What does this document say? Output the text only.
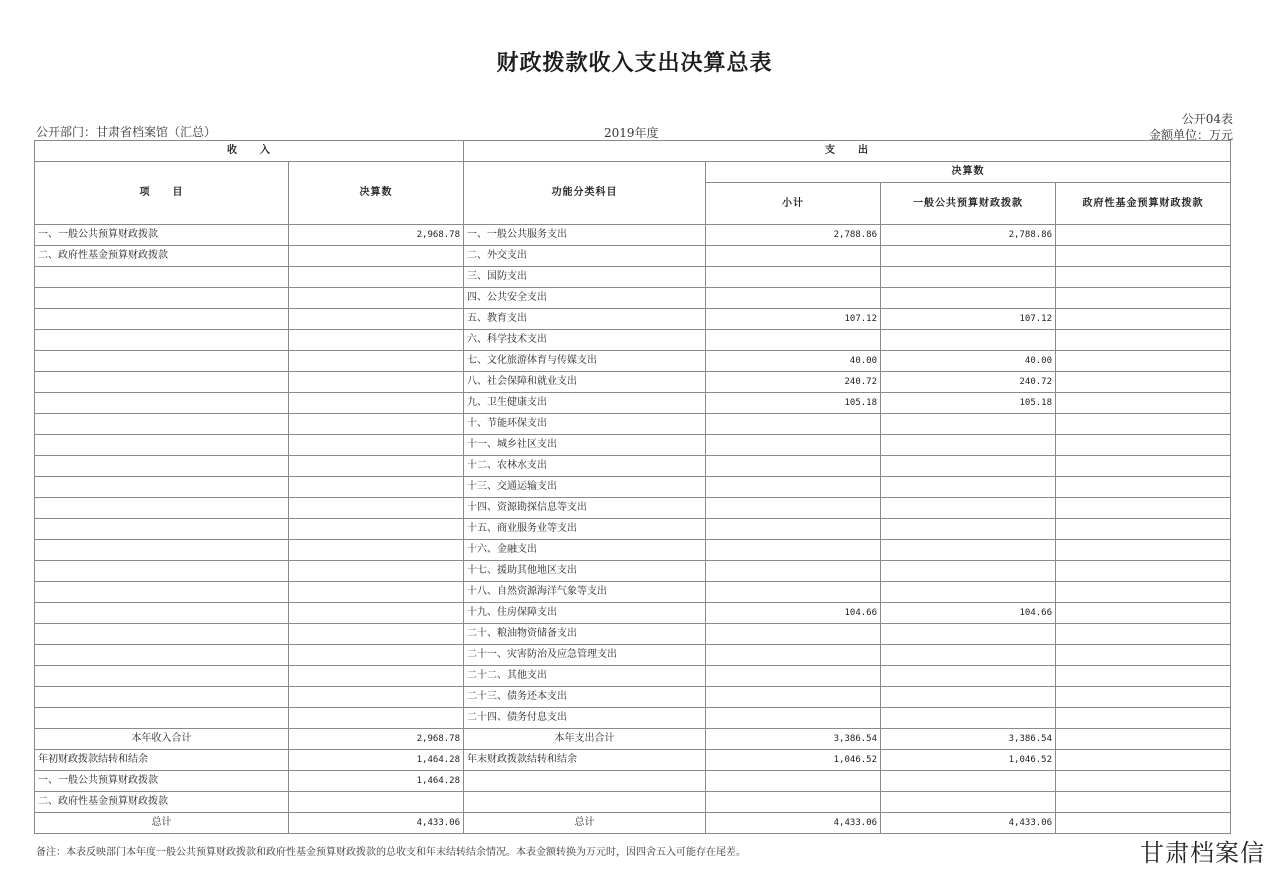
财政拨款收入支出决算总表
公开部门：甘肃省档案馆（汇总）	2019年度
公开04表
金额单位：万元
收　　入		支　　出			
项　　目	决算数	功能分类科目	决算数		
			小计	一般公共预算财政拨款	政府性基金预算财政拨款
一、一般公共预算财政拨款	2,968.78	一、一般公共服务支出	2,788.86	2,788.86	
二、政府性基金预算财政拨款		二、外交支出			
		三、国防支出			
		四、公共安全支出			
		五、教育支出	107.12	107.12	
		六、科学技术支出			
		七、文化旅游体育与传媒支出	40.00	40.00	
		八、社会保障和就业支出	240.72	240.72	
		九、卫生健康支出	105.18	105.18	
		十、节能环保支出			
		十一、城乡社区支出			
		十二、农林水支出			
		十三、交通运输支出			
		十四、资源勘探信息等支出			
		十五、商业服务业等支出			
		十六、金融支出			
		十七、援助其他地区支出			
		十八、自然资源海洋气象等支出			
		十九、住房保障支出	104.66	104.66	
		二十、粮油物资储备支出			
		二十一、灾害防治及应急管理支出			
		二十二、其他支出			
		二十三、债务还本支出			
		二十四、债务付息支出			
本年收入合计	2,968.78	本年支出合计	3,386.54	3,386.54	
年初财政拨款结转和结余	1,464.28	年末财政拨款结转和结余	1,046.52	1,046.52	
一、一般公共预算财政拨款	1,464.28				
二、政府性基金预算财政拨款					
总计	4,433.06	总计	4,433.06	4,433.06	
备注：本表反映部门本年度一般公共预算财政拨款和政府性基金预算财政拨款的总收支和年末结转结余情况。本表金额转换为万元时，因四舍五入可能存在尾差。	甘肃档案信
